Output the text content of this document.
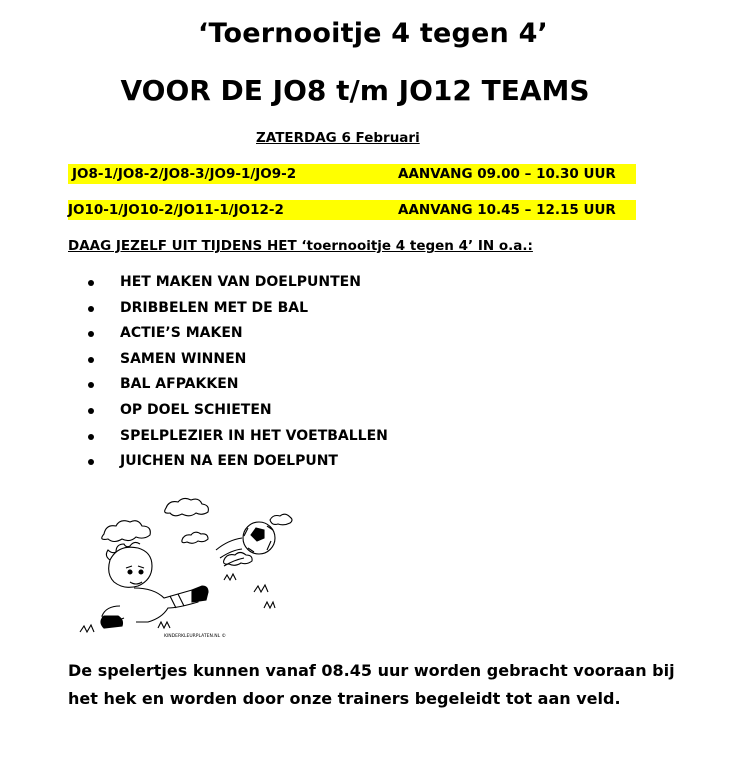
‘Toernooitje 4 tegen 4’
VOOR DE JO8 t/m JO12 TEAMS
ZATERDAG 6 Februari
JO8-1/JO8-2/JO8-3/JO9-1/JO9-2	AANVANG 09.00 – 10.30 UUR
JO10-1/JO10-2/JO11-1/JO12-2	AANVANG 10.45 – 12.15 UUR
DAAG JEZELF UIT TIJDENS HET ‘toernooitje 4 tegen 4’ IN o.a.:
HET MAKEN VAN DOELPUNTEN
DRIBBELEN MET DE BAL
ACTIE’S MAKEN
SAMEN WINNEN
BAL AFPAKKEN
OP DOEL SCHIETEN
SPELPLEZIER IN HET VOETBALLEN
JUICHEN NA EEN DOELPUNT
KINDERKLEURPLATEN.NL ©
De spelertjes kunnen vanaf 08.45 uur worden gebracht vooraan bij het hek en worden door onze trainers begeleidt tot aan veld.
